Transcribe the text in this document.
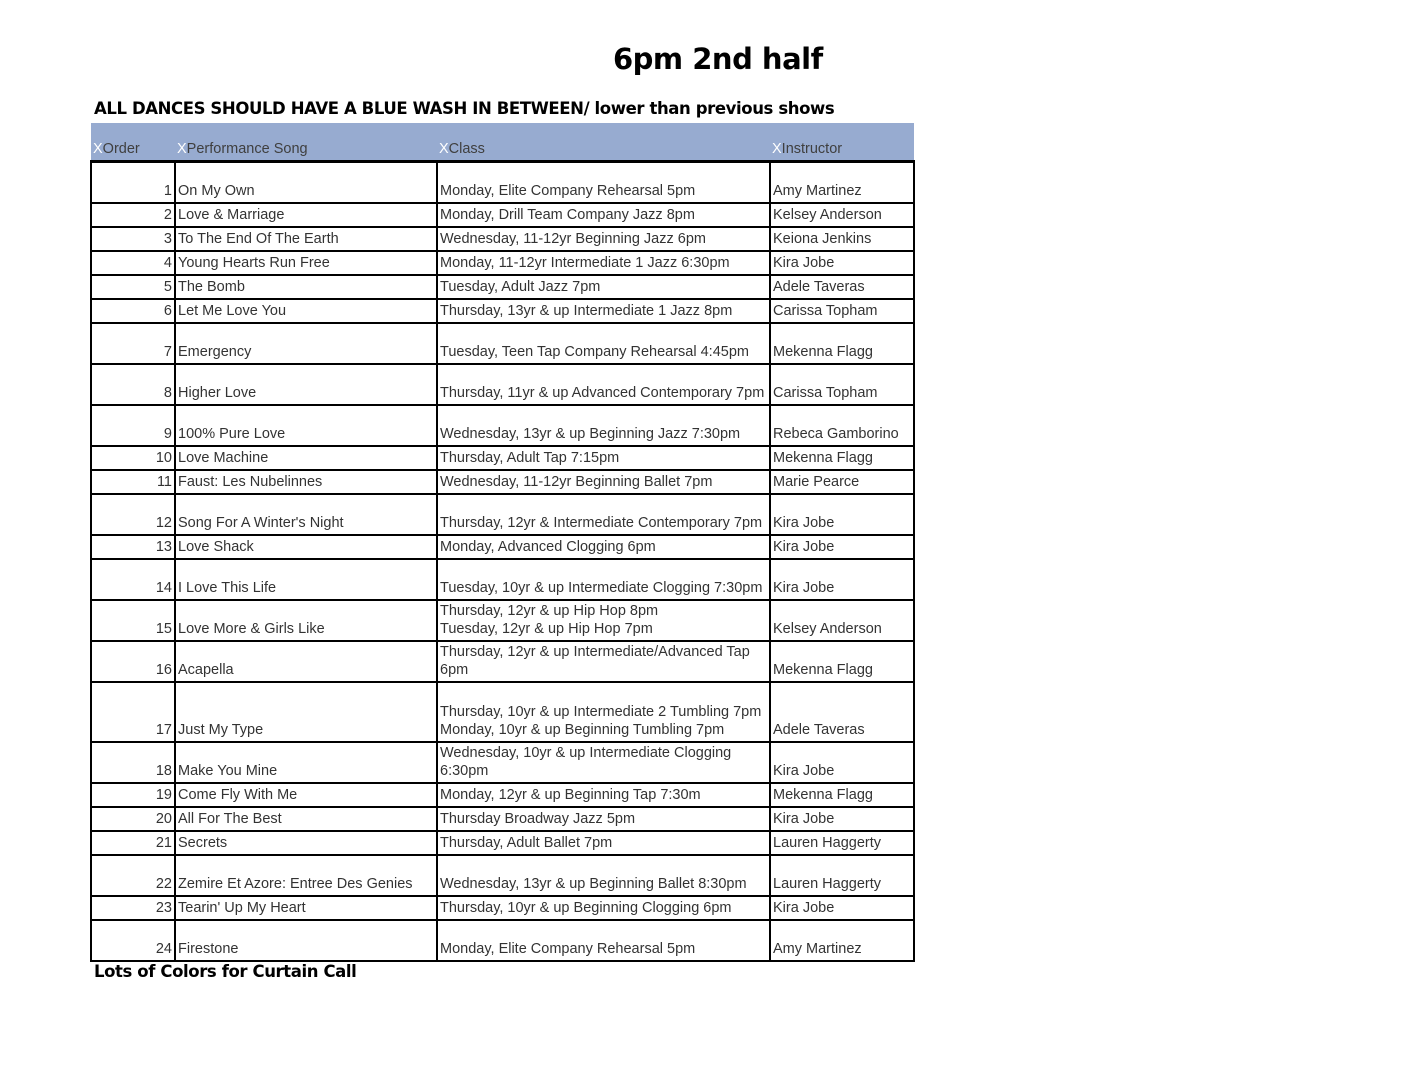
6pm 2nd half
ALL DANCES SHOULD HAVE A BLUE WASH IN BETWEEN/ lower than previous shows
XOrder	XPerformance Song	XClass	XInstructor
1	On My Own	Monday, Elite Company Rehearsal 5pm	Amy Martinez
2	Love & Marriage	Monday, Drill Team Company Jazz 8pm	Kelsey Anderson
3	To The End Of The Earth	Wednesday, 11-12yr Beginning Jazz 6pm	Keiona Jenkins
4	Young Hearts Run Free	Monday, 11-12yr Intermediate 1 Jazz 6:30pm	Kira Jobe
5	The Bomb	Tuesday, Adult Jazz 7pm	Adele Taveras
6	Let Me Love You	Thursday, 13yr & up Intermediate 1 Jazz 8pm	Carissa Topham
7	Emergency	Tuesday, Teen Tap Company Rehearsal 4:45pm	Mekenna Flagg
8	Higher Love	Thursday, 11yr & up Advanced Contemporary 7pm	Carissa Topham
9	100% Pure Love	Wednesday, 13yr & up Beginning Jazz 7:30pm	Rebeca Gamborino
10	Love Machine	Thursday, Adult Tap 7:15pm	Mekenna Flagg
11	Faust: Les Nubelinnes	Wednesday, 11-12yr Beginning Ballet 7pm	Marie Pearce
12	Song For A Winter's Night	Thursday, 12yr & Intermediate Contemporary 7pm	Kira Jobe
13	Love Shack	Monday, Advanced Clogging 6pm	Kira Jobe
14	I Love This Life	Tuesday, 10yr & up Intermediate Clogging 7:30pm	Kira Jobe
15	Love More & Girls Like	Thursday, 12yr & up Hip Hop 8pm
Tuesday, 12yr & up Hip Hop 7pm	Kelsey Anderson
16	Acapella	Thursday, 12yr & up Intermediate/Advanced Tap 6pm	Mekenna Flagg
17	Just My Type	Thursday, 10yr & up Intermediate 2 Tumbling 7pm
Monday, 10yr & up Beginning Tumbling 7pm	Adele Taveras
18	Make You Mine	Wednesday, 10yr & up Intermediate Clogging 6:30pm	Kira Jobe
19	Come Fly With Me	Monday, 12yr & up Beginning Tap 7:30m	Mekenna Flagg
20	All For The Best	Thursday Broadway Jazz 5pm	Kira Jobe
21	Secrets	Thursday, Adult Ballet 7pm	Lauren Haggerty
22	Zemire Et Azore: Entree Des Genies	Wednesday, 13yr & up Beginning Ballet 8:30pm	Lauren Haggerty
23	Tearin' Up My Heart	Thursday, 10yr & up Beginning Clogging 6pm	Kira Jobe
24	Firestone	Monday, Elite Company Rehearsal 5pm	Amy Martinez
Lots of Colors for Curtain Call
